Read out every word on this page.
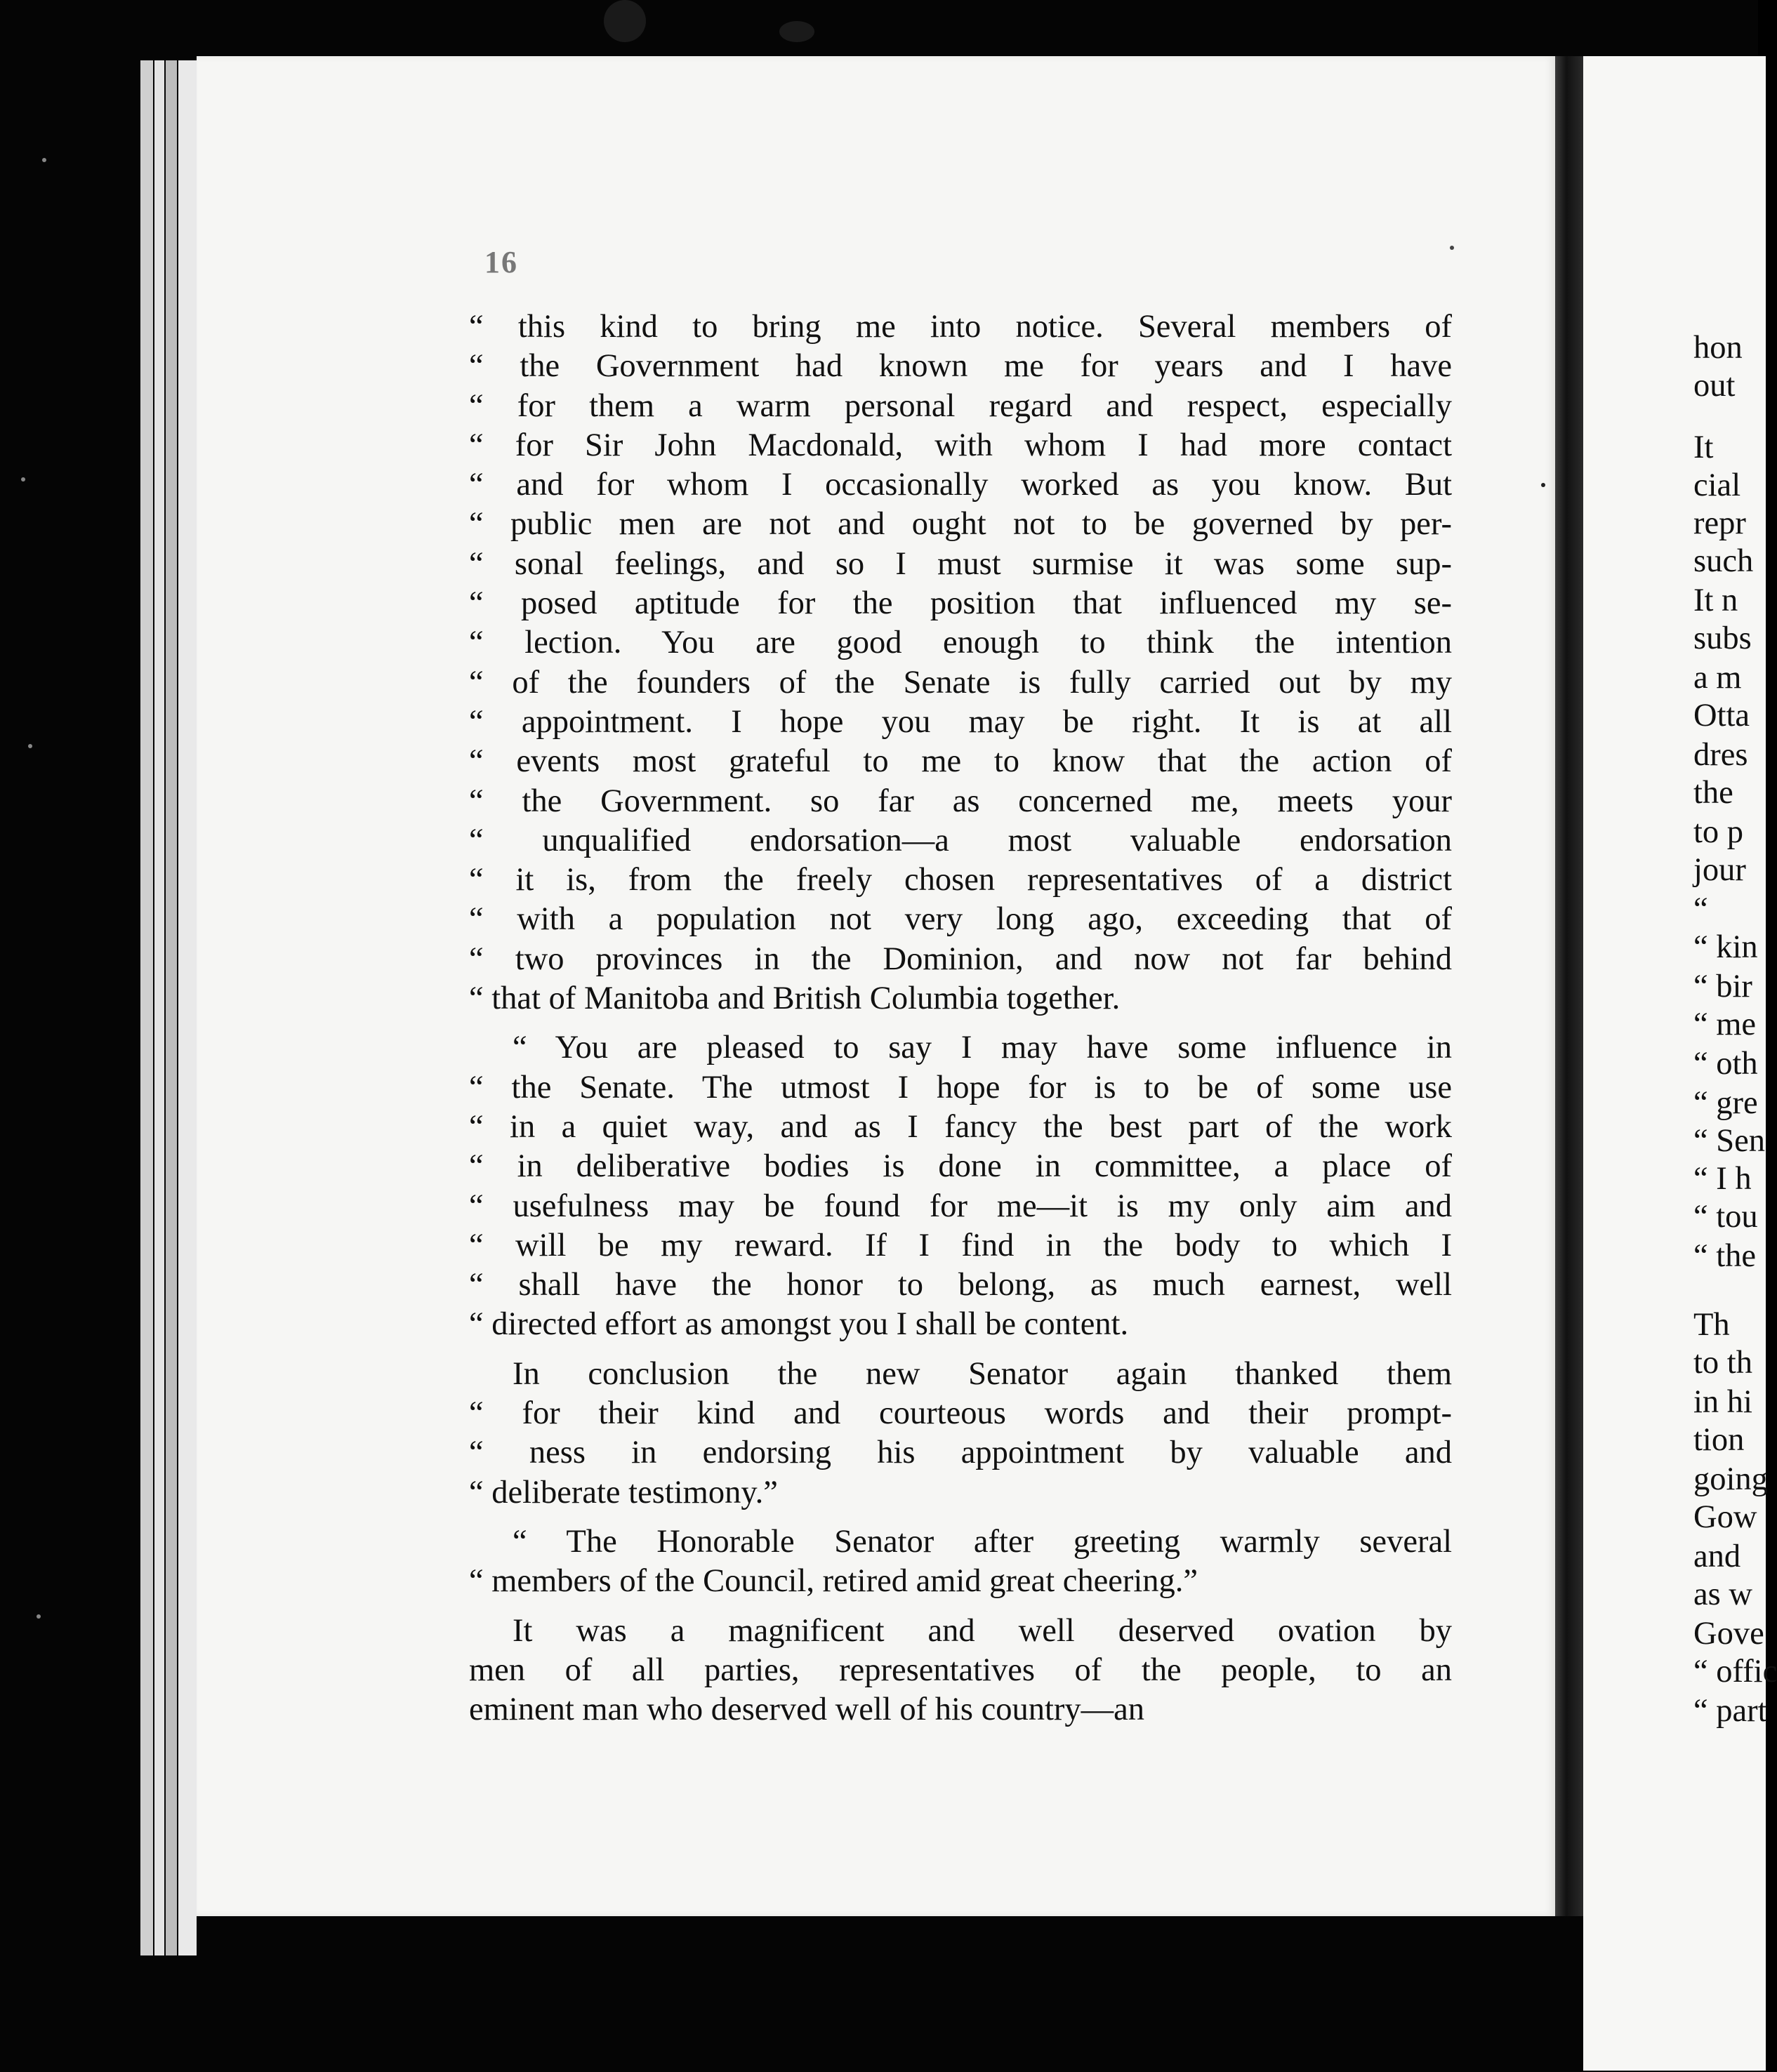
16
“ this kind to bring me into notice. Several members of
“ the Government had known me for years and I have
“ for them a warm personal regard and respect, especially
“ for Sir John Macdonald, with whom I had more contact
“ and for whom I occasionally worked as you know. But
“ public men are not and ought not to be governed by per-
“ sonal feelings, and so I must surmise it was some sup-
“ posed aptitude for the position that influenced my se-
“ lection. You are good enough to think the intention
“ of the founders of the Senate is fully carried out by my
“ appointment. I hope you may be right. It is at all
“ events most grateful to me to know that the action of
“ the Government. so far as concerned me, meets your
“ unqualified endorsation—a most valuable endorsation
“ it is, from the freely chosen representatives of a district
“ with a population not very long ago, exceeding that of
“ two provinces in the Dominion, and now not far behind
“ that of Manitoba and British Columbia together.
“ You are pleased to say I may have some influence in
“ the Senate. The utmost I hope for is to be of some use
“ in a quiet way, and as I fancy the best part of the work
“ in deliberative bodies is done in committee, a place of
“ usefulness may be found for me—it is my only aim and
“ will be my reward. If I find in the body to which I
“ shall have the honor to belong, as much earnest, well
“ directed effort as amongst you I shall be content.
In conclusion the new Senator again thanked them
“ for their kind and courteous words and their prompt-
“ ness in endorsing his appointment by valuable and
“ deliberate testimony.”
“ The Honorable Senator after greeting warmly several
“ members of the Council, retired amid great cheering.”
It was a magnificent and well deserved ovation by
men of all parties, representatives of the people, to an
eminent man who deserved well of his country—an
hon
out
It
cial
repr
such
It n
subs
a m
Otta
dres
the
to p
jour
“
“ kin
“ bir
“ me
“ oth
“ gre
“ Sen
“ I h
“ tou
“ the
Th
to th
in hi
tion
going
Gow
and
as w
Gove
“ offic
“ part
